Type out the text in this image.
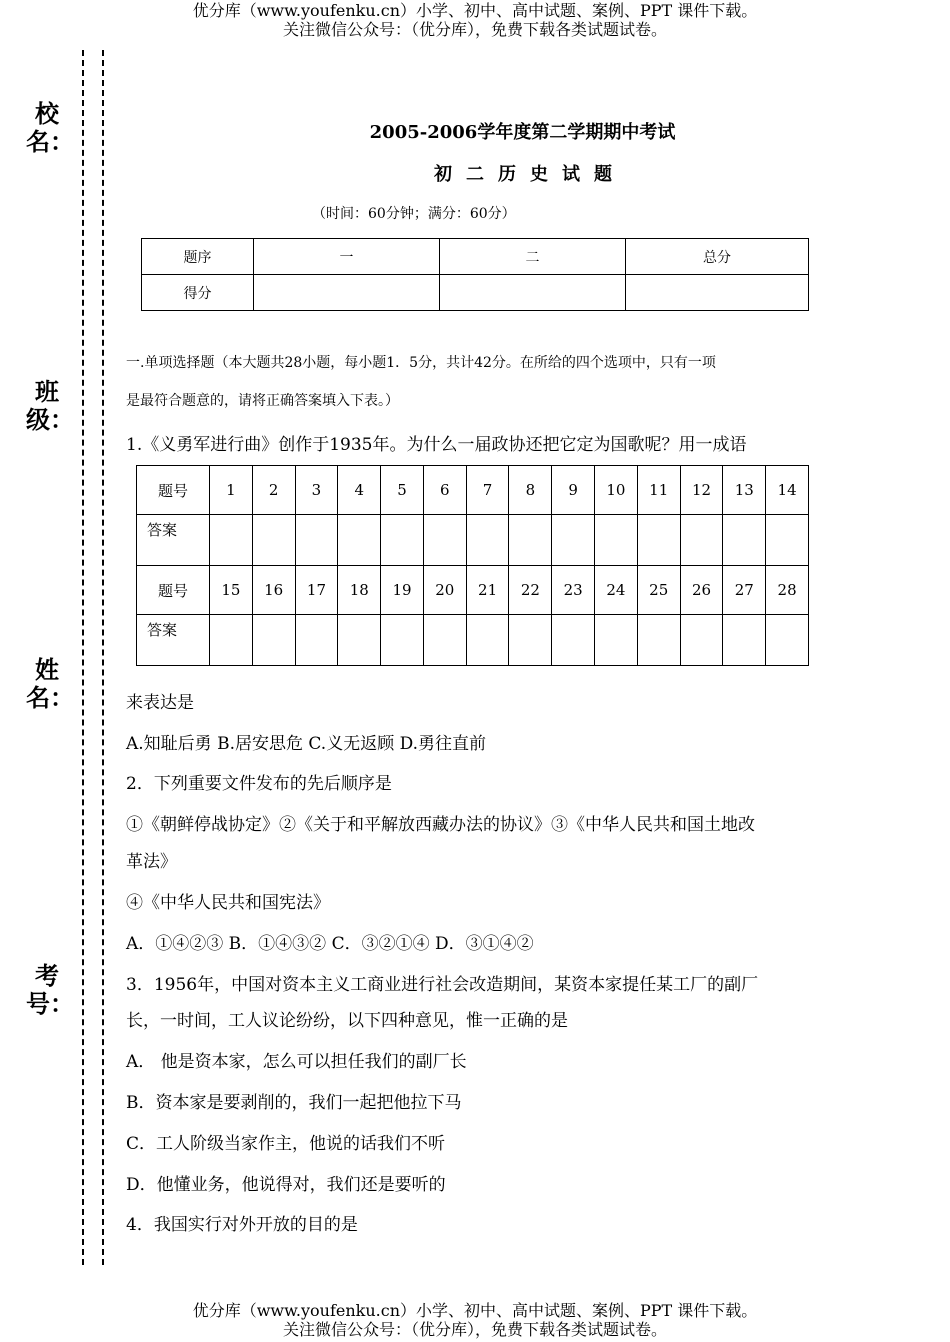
优分库（www.youfenku.cn）小学、初中、高中试题、案例、PPT 课件下载。
关注微信公众号：（优分库），免费下载各类试题试卷。
校名：
班级：
姓名：
考号：
2005-2006学年度第二学期期中考试
初二历史试题
（时间：60分钟；满分：60分）
题序	一	二	总分
得分			
一.单项选择题（本大题共28小题，每小题1．5分，共计42分。在所给的四个选项中，只有一项
是最符合题意的，请将正确答案填入下表。）
1.《义勇军进行曲》创作于1935年。为什么一届政协还把它定为国歌呢？用一成语
题号	1	2	3	4	5	6	7	8	9	10	11	12	13	14
答案														
题号	15	16	17	18	19	20	21	22	23	24	25	26	27	28
答案														
来表达是
A.知耻后勇 B.居安思危 C.义无返顾 D.勇往直前
2．下列重要文件发布的先后顺序是
①《朝鲜停战协定》②《关于和平解放西藏办法的协议》③《中华人民共和国土地改
革法》
④《中华人民共和国宪法》
A．①④②③ B．①④③② C．③②①④ D．③①④②
3．1956年，中国对资本主义工商业进行社会改造期间，某资本家提任某工厂的副厂
长，一时间，工人议论纷纷，以下四种意见，惟一正确的是
A． 他是资本家，怎么可以担任我们的副厂长
B．资本家是要剥削的，我们一起把他拉下马
C．工人阶级当家作主，他说的话我们不听
D．他懂业务，他说得对，我们还是要听的
4．我国实行对外开放的目的是
优分库（www.youfenku.cn）小学、初中、高中试题、案例、PPT 课件下载。
关注微信公众号：（优分库），免费下载各类试题试卷。
